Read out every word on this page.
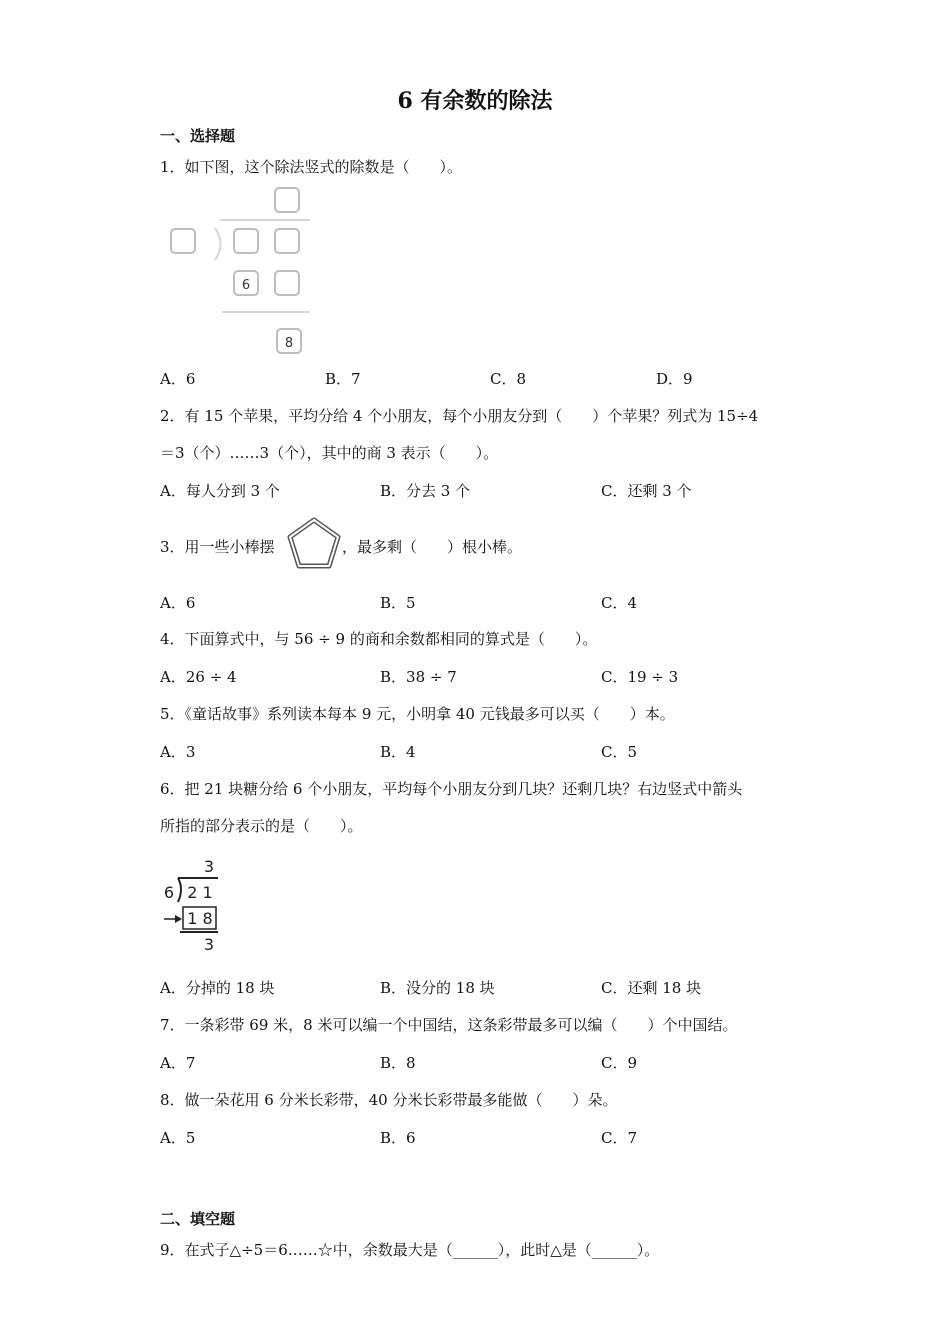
6 有余数的除法
一、选择题
1．如下图，这个除法竖式的除数是（　　）。
6
8
A．6	B．7	C．8	D．9
2．有 15 个苹果，平均分给 4 个小朋友，每个小朋友分到（　　）个苹果？列式为 15÷4
＝3（个）……3（个），其中的商 3 表示（　　）。
A．每人分到 3 个	B．分去 3 个	C．还剩 3 个
3．用一些小棒摆	，最多剩（　　）根小棒。
A．6	B．5	C．4
4．下面算式中，与 56 ÷ 9 的商和余数都相同的算式是（　　）。
A．26 ÷ 4	B．38 ÷ 7	C．19 ÷ 3
5．《童话故事》系列读本每本 9 元，小明拿 40 元钱最多可以买（　　）本。
A．3	B．4	C．5
6．把 21 块糖分给 6 个小朋友，平均每个小朋友分到几块？还剩几块？右边竖式中箭头
所指的部分表示的是（　　）。
3
6 2 1
1 8
3
A．分掉的 18 块	B．没分的 18 块	C．还剩 18 块
7．一条彩带 69 米，8 米可以编一个中国结，这条彩带最多可以编（　　）个中国结。
A．7	B．8	C．9
8．做一朵花用 6 分米长彩带，40 分米长彩带最多能做（　　）朵。
A．5	B．6	C．7
二、填空题
9．在式子△÷5＝6……☆中，余数最大是（______），此时△是（______）。
